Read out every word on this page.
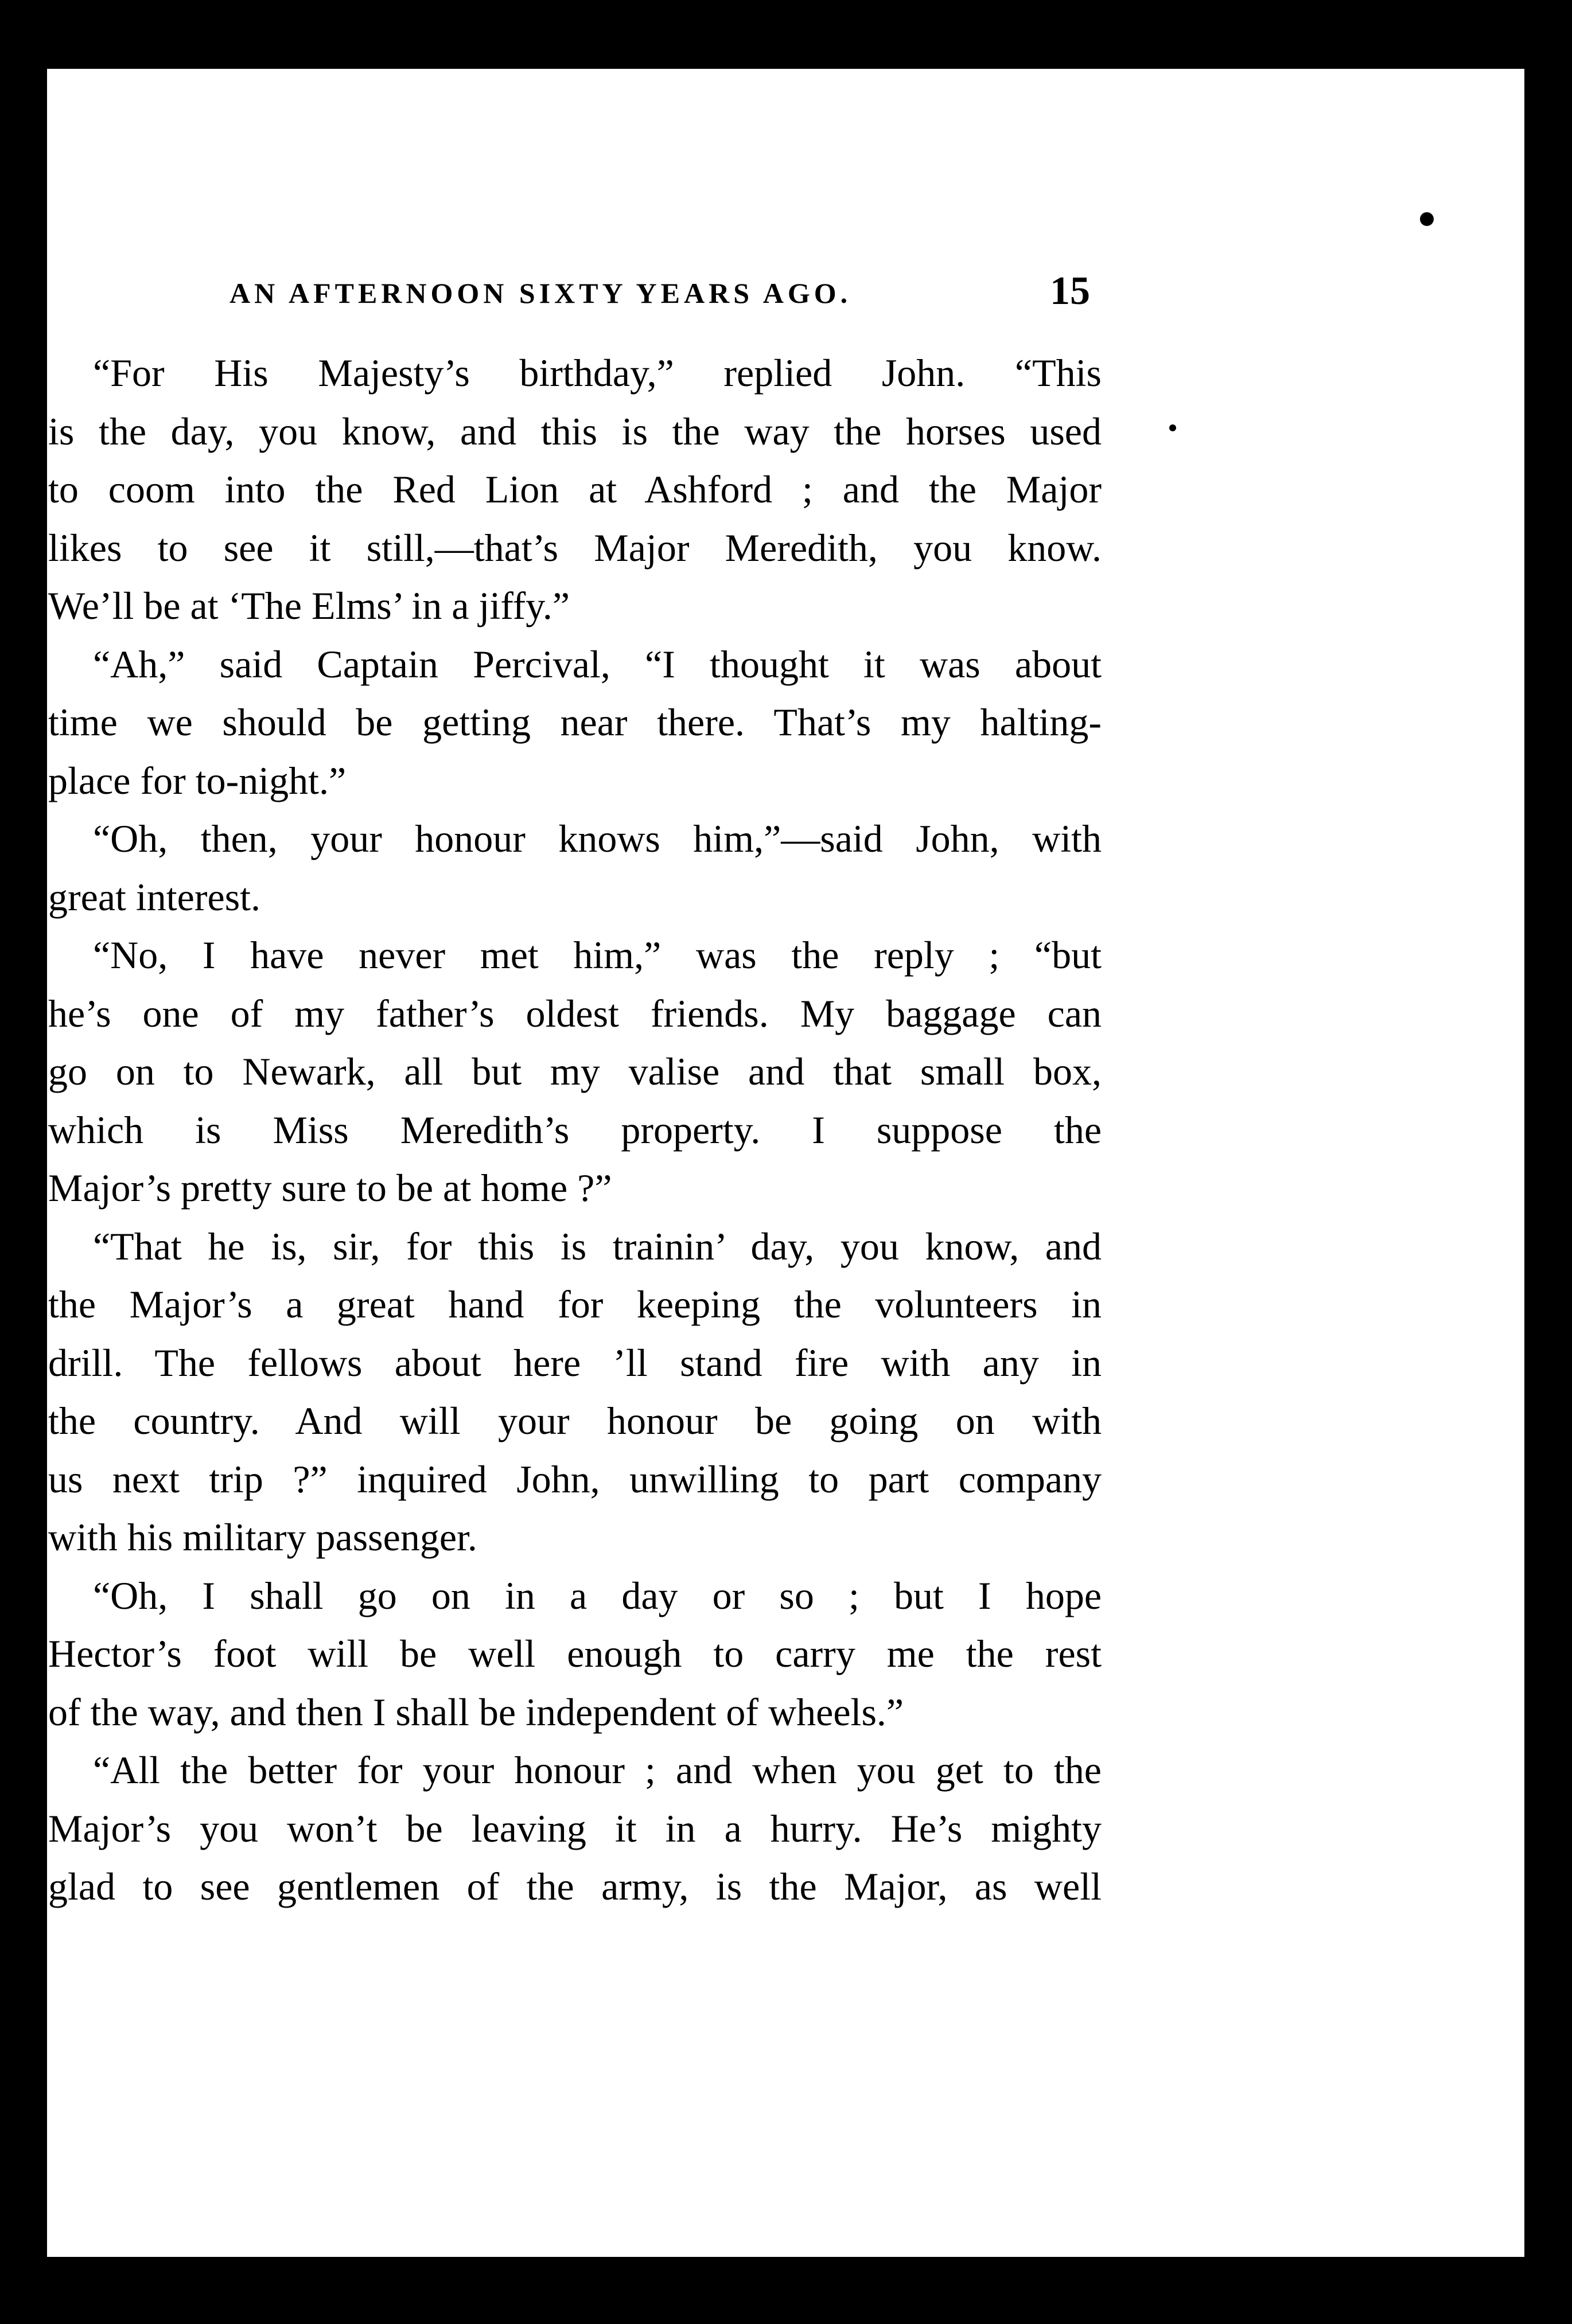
AN AFTERNOON SIXTY YEARS AGO.	15
“For His Majesty’s birthday,” replied John. “This
is the day, you know, and this is the way the horses used
to coom into the Red Lion at Ashford ; and the Major
likes to see it still,—that’s Major Meredith, you know.
We’ll be at ‘The Elms’ in a jiffy.”
“Ah,” said Captain Percival, “I thought it was about
time we should be getting near there. That’s my halting-
place for to-night.”
“Oh, then, your honour knows him,”—said John, with
great interest.
“No, I have never met him,” was the reply ; “but
he’s one of my father’s oldest friends. My baggage can
go on to Newark, all but my valise and that small box,
which is Miss Meredith’s property. I suppose the
Major’s pretty sure to be at home ?”
“That he is, sir, for this is trainin’ day, you know, and
the Major’s a great hand for keeping the volunteers in
drill. The fellows about here ’ll stand fire with any in
the country. And will your honour be going on with
us next trip ?” inquired John, unwilling to part company
with his military passenger.
“Oh, I shall go on in a day or so ; but I hope
Hector’s foot will be well enough to carry me the rest
of the way, and then I shall be independent of wheels.”
“All the better for your honour ; and when you get to the
Major’s you won’t be leaving it in a hurry. He’s mighty
glad to see gentlemen of the army, is the Major, as well
